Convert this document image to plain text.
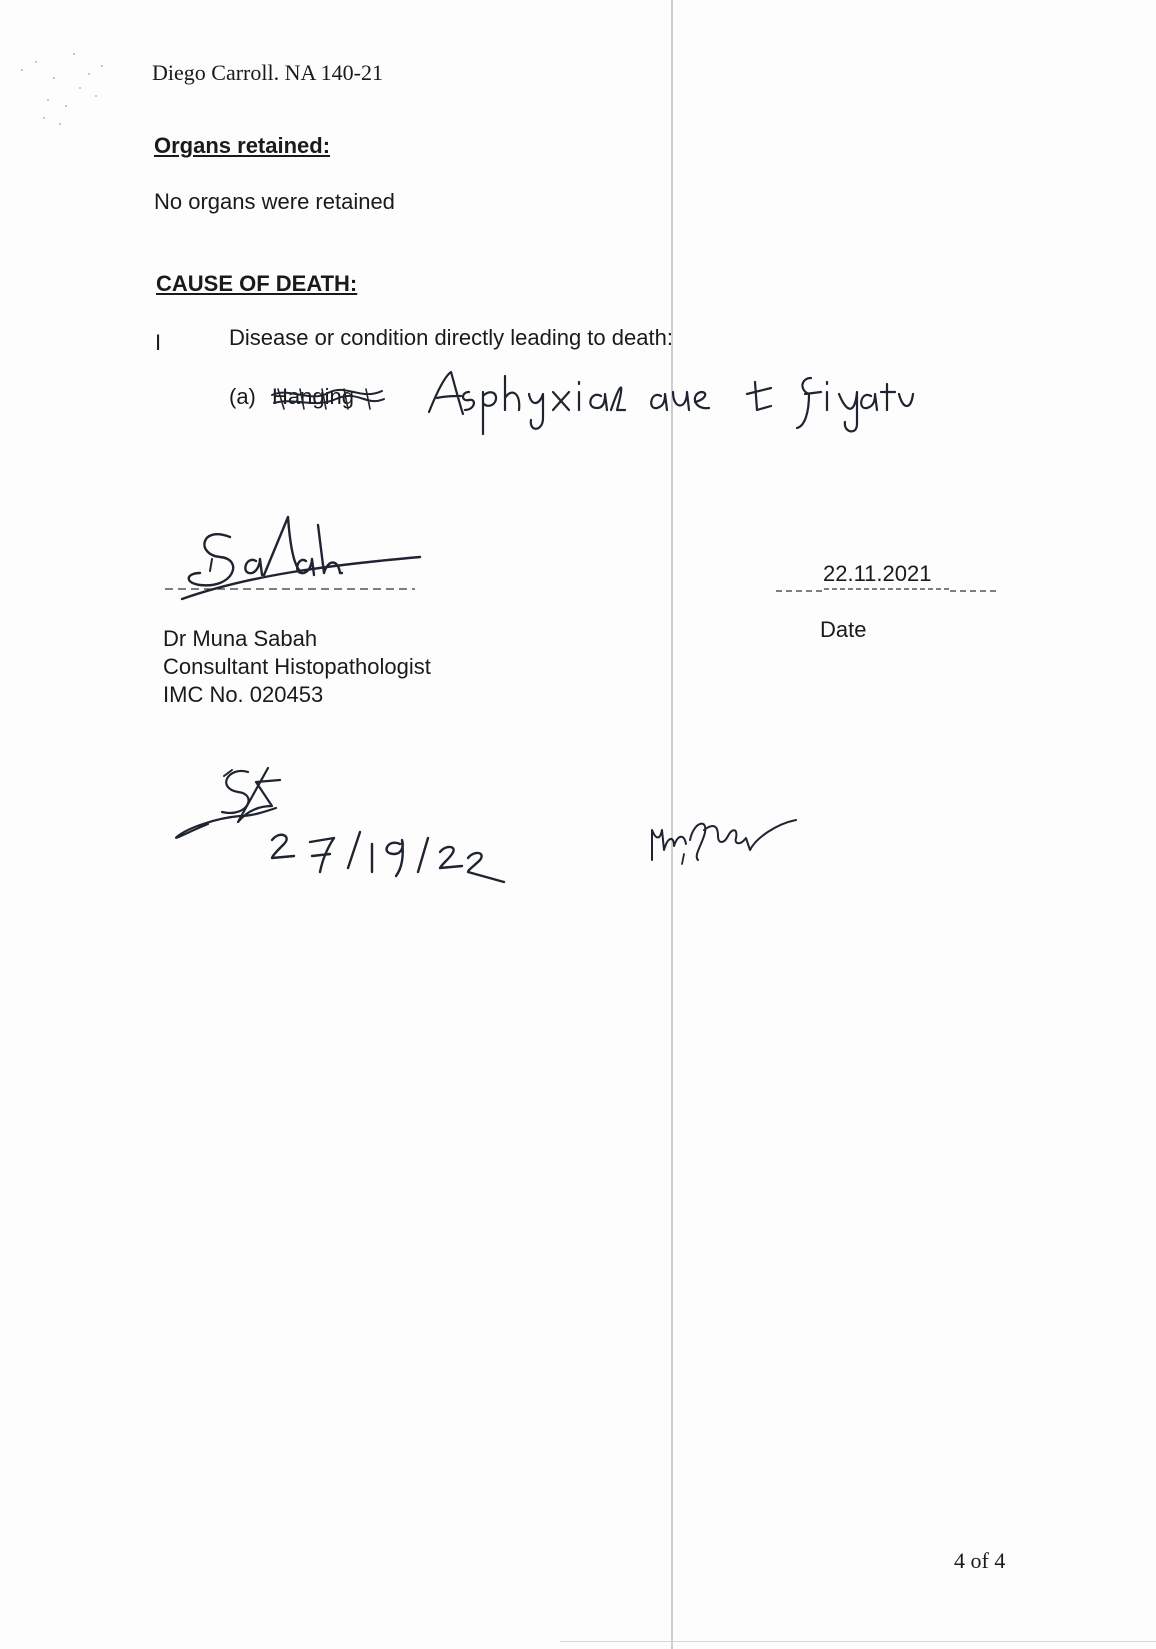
Diego Carroll. NA 140-21
Organs retained:
No organs were retained
CAUSE OF DEATH:
I	Disease or condition directly leading to death:
(a) Hanging
Dr Muna Sabah
Consultant Histopathologist
IMC No. 020453
22.11.2021
Date
4 of 4
